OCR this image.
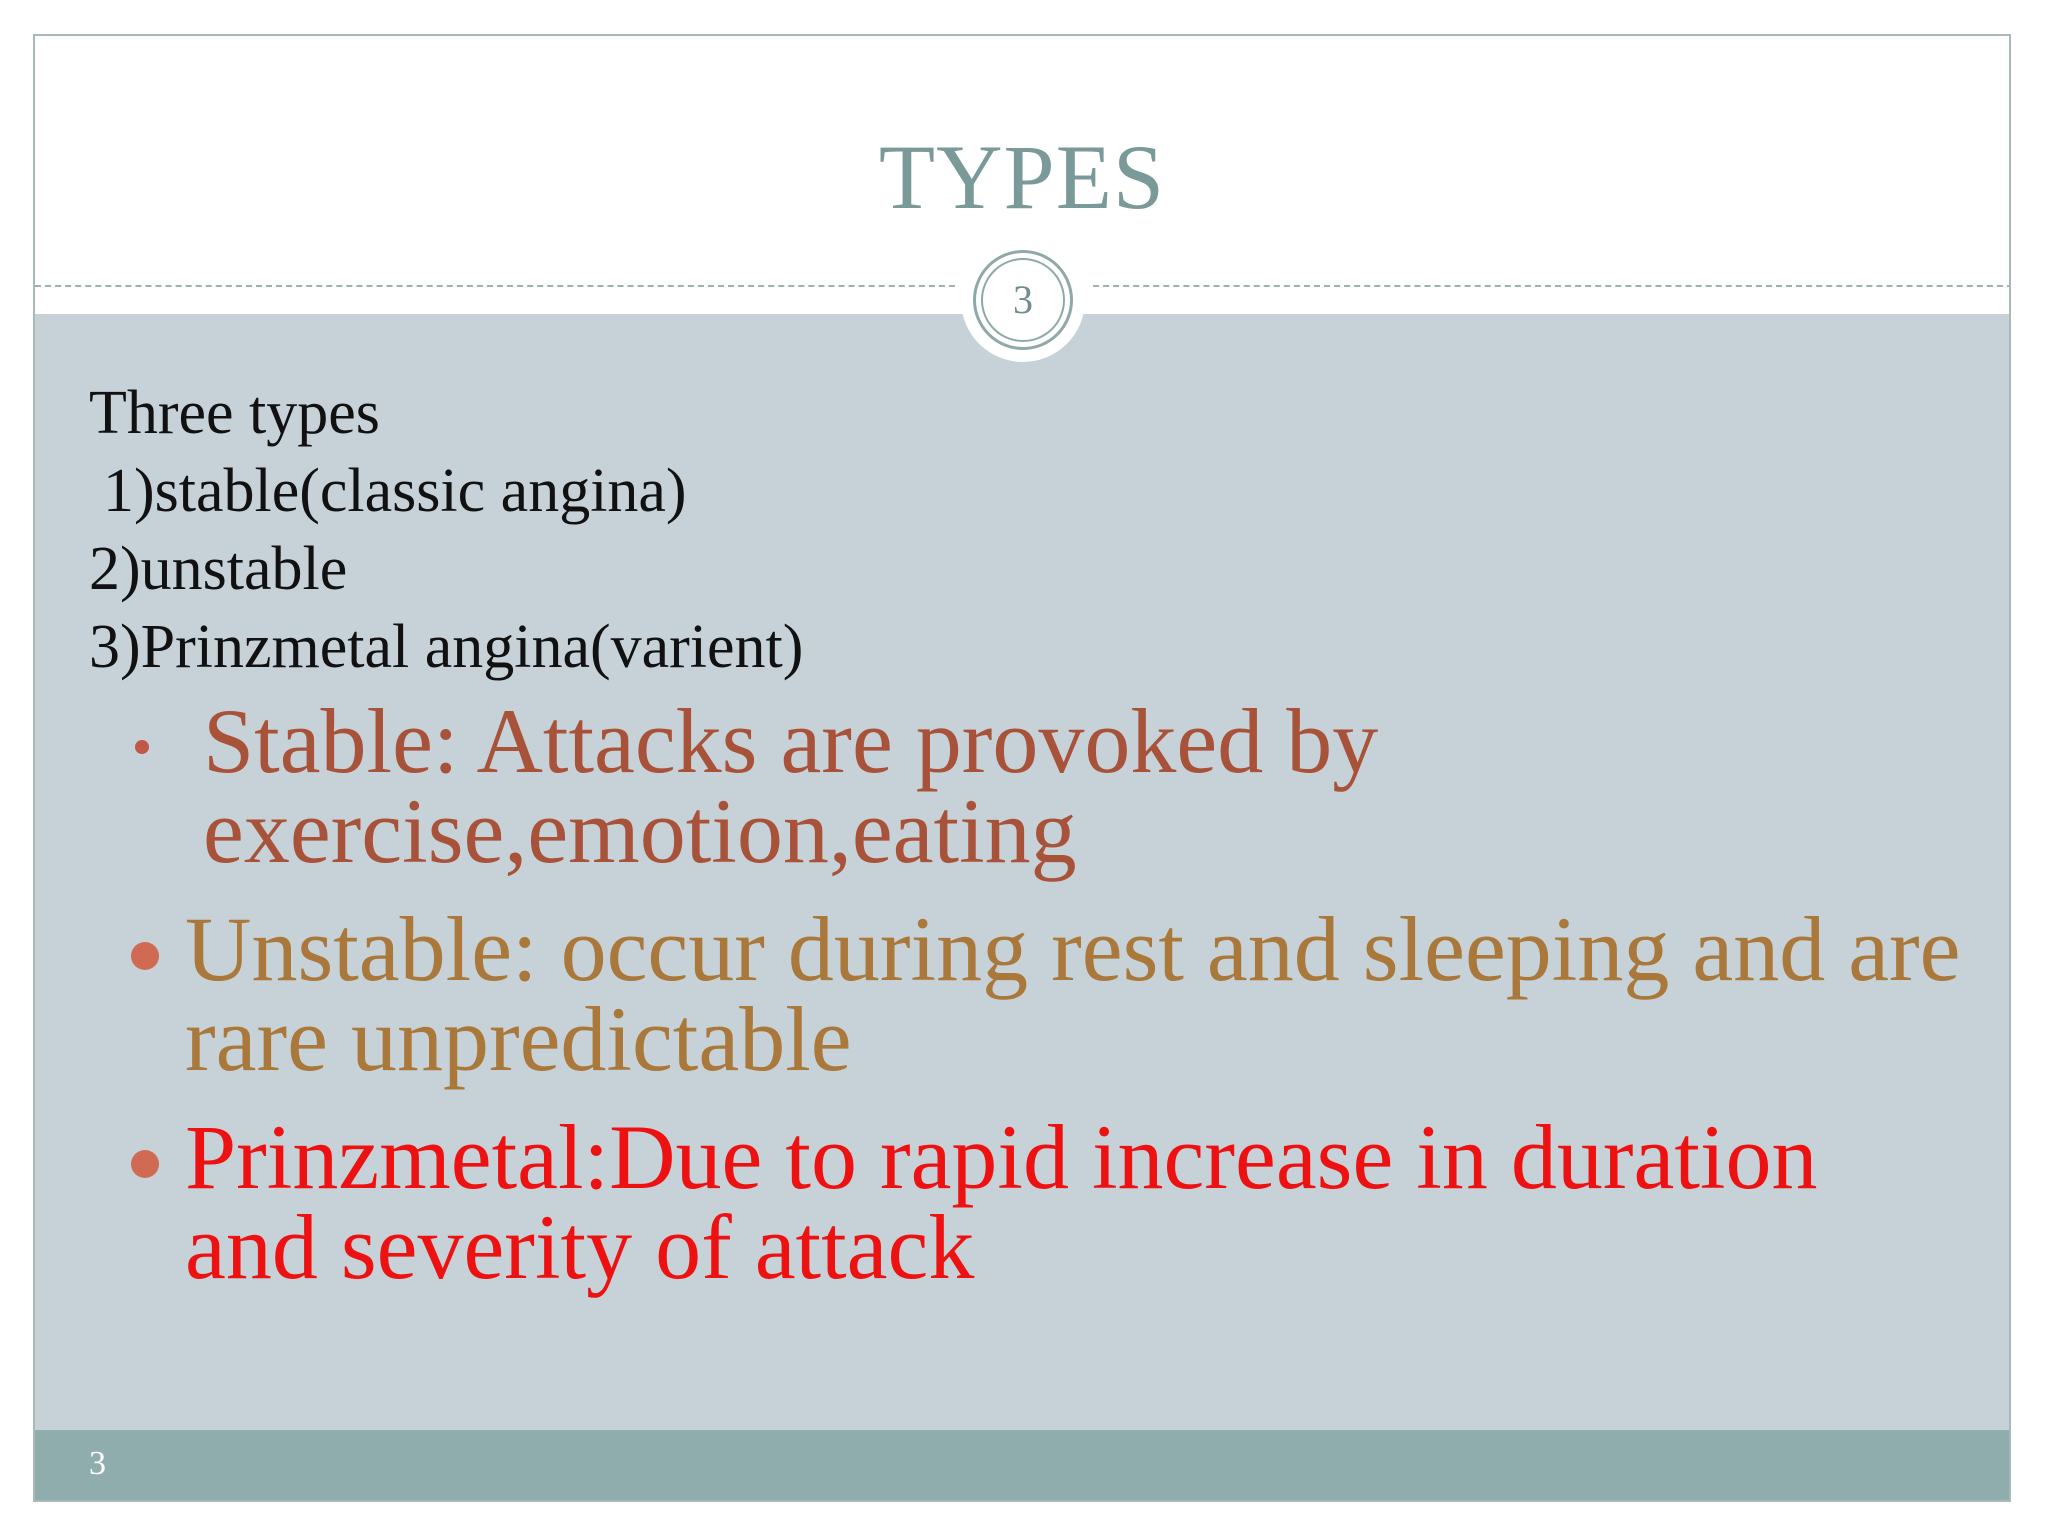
TYPES
3
Three types
1)stable(classic angina)
2)unstable
3)Prinzmetal angina(varient)
Stable: Attacks are provoked by exercise,emotion,eating
Unstable: occur during rest and sleeping and are rare unpredictable
Prinzmetal:Due to rapid increase in duration and severity of attack
3
